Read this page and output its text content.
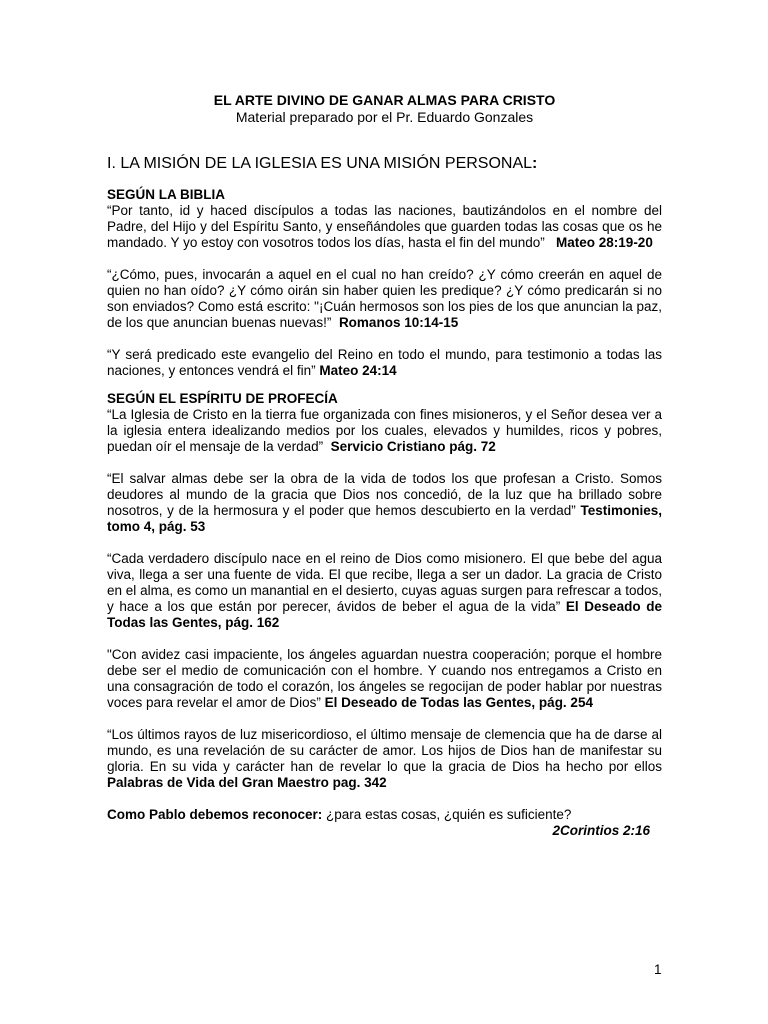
EL ARTE DIVINO DE GANAR ALMAS PARA CRISTO

Material preparado por el Pr. Eduardo Gonzales

I. LA MISIÓN DE LA IGLESIA ES UNA MISIÓN PERSONAL:
SEGÚN LA BIBLIA

“Por tanto, id y haced discípulos a todas las naciones, bautizándolos en el nombre del Padre, del Hijo y del Espíritu Santo, y enseñándoles que guarden todas las cosas que os he mandado. Y yo estoy con vosotros todos los días, hasta el fin del mundo” Mateo 28:19-20

“¿Cómo, pues, invocarán a aquel en el cual no han creído? ¿Y cómo creerán en aquel de quien no han oído? ¿Y cómo oirán sin haber quien les predique? ¿Y cómo predicarán si no son enviados? Como está escrito: "¡Cuán hermosos son los pies de los que anuncian la paz, de los que anuncian buenas nuevas!” Romanos 10:14-15

“Y será predicado este evangelio del Reino en todo el mundo, para testimonio a todas las naciones, y entonces vendrá el fin” Mateo 24:14

SEGÚN EL ESPÍRITU DE PROFECÍA

“La Iglesia de Cristo en la tierra fue organizada con fines misioneros, y el Señor desea ver a la iglesia entera idealizando medios por los cuales, elevados y humildes, ricos y pobres, puedan oír el mensaje de la verdad” Servicio Cristiano pág. 72

“El salvar almas debe ser la obra de la vida de todos los que profesan a Cristo. Somos deudores al mundo de la gracia que Dios nos concedió, de la luz que ha brillado sobre nosotros, y de la hermosura y el poder que hemos descubierto en la verdad” Testimonies, tomo 4, pág. 53

“Cada verdadero discípulo nace en el reino de Dios como misionero. El que bebe del agua viva, llega a ser una fuente de vida. El que recibe, llega a ser un dador. La gracia de Cristo en el alma, es como un manantial en el desierto, cuyas aguas surgen para refrescar a todos, y hace a los que están por perecer, ávidos de beber el agua de la vida” El Deseado de Todas las Gentes, pág. 162

"Con avidez casi impaciente, los ángeles aguardan nuestra cooperación; porque el hombre debe ser el medio de comunicación con el hombre. Y cuando nos entregamos a Cristo en una consagración de todo el corazón, los ángeles se regocijan de poder hablar por nuestras voces para revelar el amor de Dios” El Deseado de Todas las Gentes, pág. 254

“Los últimos rayos de luz misericordioso, el último mensaje de clemencia que ha de darse al mundo, es una revelación de su carácter de amor. Los hijos de Dios han de manifestar su gloria. En su vida y carácter han de revelar lo que la gracia de Dios ha hecho por ellos Palabras de Vida del Gran Maestro pag. 342

Como Pablo debemos reconocer: ¿para estas cosas, ¿quién es suficiente?

2Corintios 2:16

1
